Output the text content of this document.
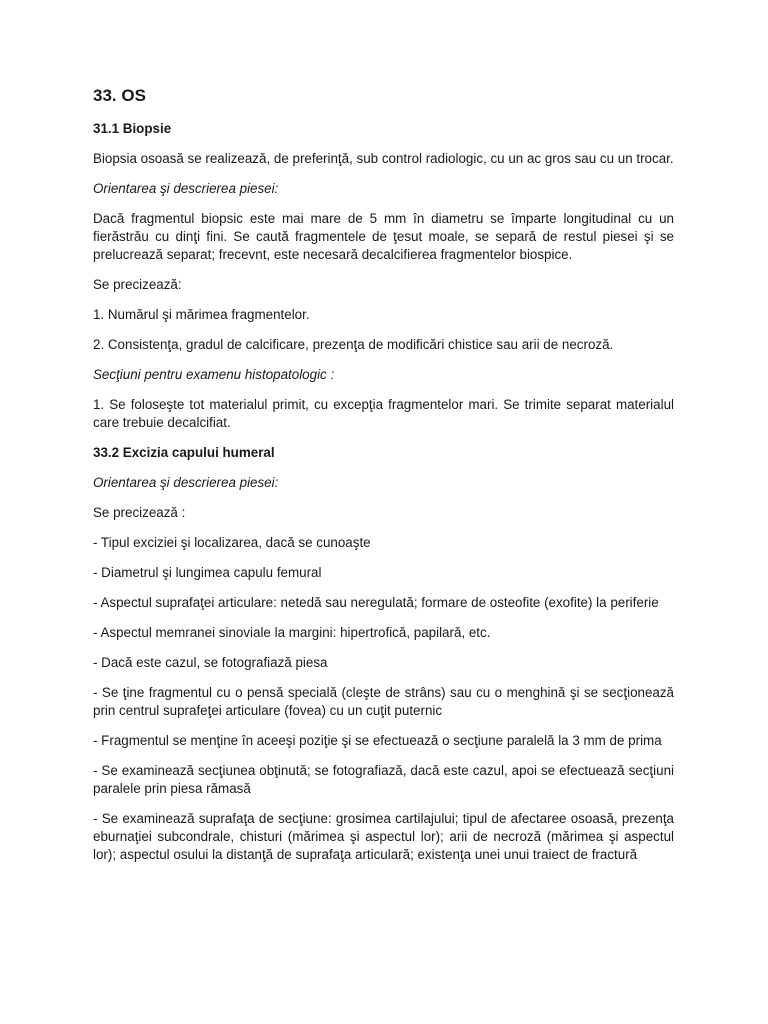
33. OS
31.1 Biopsie

Biopsia osoasă se realizează, de preferinţă, sub control radiologic, cu un ac gros sau cu un trocar.

Orientarea şi descrierea piesei:

Dacă fragmentul biopsic este mai mare de 5 mm în diametru se împarte longitudinal cu un fierăstrău cu dinţi fini. Se caută fragmentele de ţesut moale, se separă de restul piesei şi se prelucrează separat; frecevnt, este necesară decalcifierea fragmentelor biospice.

Se precizează:

1. Numărul şi mărimea fragmentelor.

2. Consistenţa, gradul de calcificare, prezenţa de modificări chistice sau arii de necroză.

Secţiuni pentru examenu histopatologic :

1. Se foloseşte tot materialul primit, cu excepţia fragmentelor mari. Se trimite separat materialul care trebuie decalcifiat.

33.2 Excizia capului humeral

Orientarea şi descrierea piesei:

Se precizează :

- Tipul exciziei şi localizarea, dacă se cunoaşte

- Diametrul şi lungimea capulu femural

- Aspectul suprafaţei articulare: netedă sau neregulată; formare de osteofite (exofite) la periferie

- Aspectul memranei sinoviale la margini: hipertrofică, papilară, etc.

- Dacă este cazul, se fotografiază piesa

- Se ţine fragmentul cu o pensă specială (cleşte de strâns) sau cu o menghină şi se secţionează prin centrul suprafeţei articulare (fovea) cu un cuţit puternic

- Fragmentul se menţine în aceeşi poziţie şi se efectuează o secţiune paralelă la 3 mm de prima

- Se examinează secţiunea obţinută; se fotografiază, dacă este cazul, apoi se efectuează secţiuni paralele prin piesa rămasă

- Se examinează suprafaţa de secţiune: grosimea cartilajului; tipul de afectaree osoasă, prezenţa eburnaţiei subcondrale, chisturi (mărimea şi aspectul lor); arii de necroză (mărimea şi aspectul lor); aspectul osului la distanţă de suprafaţa articulară; existenţa unei unui traiect de fractură
